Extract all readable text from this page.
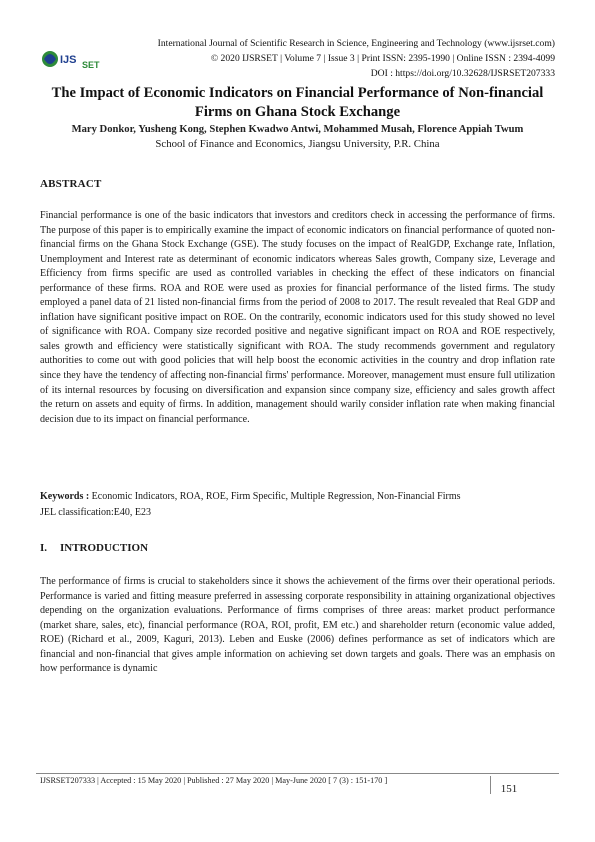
IJS SET
International Journal of Scientific Research in Science, Engineering and Technology (www.ijsrset.com)
© 2020 IJSRSET | Volume 7 | Issue 3 | Print ISSN: 2395-1990 | Online ISSN : 2394-4099
DOI : https://doi.org/10.32628/IJSRSET207333
The Impact of Economic Indicators on Financial Performance of Non-financial
Firms on Ghana Stock Exchange
Mary Donkor, Yusheng Kong, Stephen Kwadwo Antwi, Mohammed Musah, Florence Appiah Twum
School of Finance and Economics, Jiangsu University, P.R. China
ABSTRACT

Financial performance is one of the basic indicators that investors and creditors check in accessing the performance of firms. The purpose of this paper is to empirically examine the impact of economic indicators on financial performance of quoted non-financial firms on the Ghana Stock Exchange (GSE). The study focuses on the impact of RealGDP, Exchange rate, Inflation, Unemployment and Interest rate as determinant of economic indicators whereas Sales growth, Company size, Leverage and Efficiency from firms specific are used as controlled variables in checking the effect of these indicators on financial performance of these firms. ROA and ROE were used as proxies for financial performance of the listed firms. The study employed a panel data of 21 listed non-financial firms from the period of 2008 to 2017. The result revealed that Real GDP and inflation have significant positive impact on ROE. On the contrarily, economic indicators used for this study showed no level of significance with ROA. Company size recorded positive and negative significant impact on ROA and ROE respectively, sales growth and efficiency were statistically significant with ROA. The study recommends government and regulatory authorities to come out with good policies that will help boost the economic activities in the country and drop inflation rate since they have the tendency of affecting non-financial firms' performance. Moreover, management must ensure full utilization of its internal resources by focusing on diversification and expansion since company size, efficiency and sales growth affect the return on assets and equity of firms. In addition, management should warily consider inflation rate when making financial decision due to its impact on financial performance.

Keywords : Economic Indicators, ROA, ROE, Firm Specific, Multiple Regression, Non-Financial Firms
JEL classification:E40, E23
I. INTRODUCTION

The performance of firms is crucial to stakeholders since it shows the achievement of the firms over their operational periods. Performance is varied and fitting measure preferred in assessing corporate responsibility in attaining organizational objectives depending on the organization evaluations. Performance of firms comprises of three areas: market product performance (market share, sales, etc), financial performance (ROA, ROI, profit, EM etc.) and shareholder return (economic value added, ROE) (Richard et al., 2009, Kaguri, 2013). Leben and Euske (2006) defines performance as set of indicators which are financial and non-financial that gives ample information on achieving set down targets and goals. There was an emphasis on how performance is dynamic

IJSRSET207333 | Accepted : 15 May 2020 | Published : 27 May 2020 | May-June 2020 [ 7 (3) : 151-170 ]
151
